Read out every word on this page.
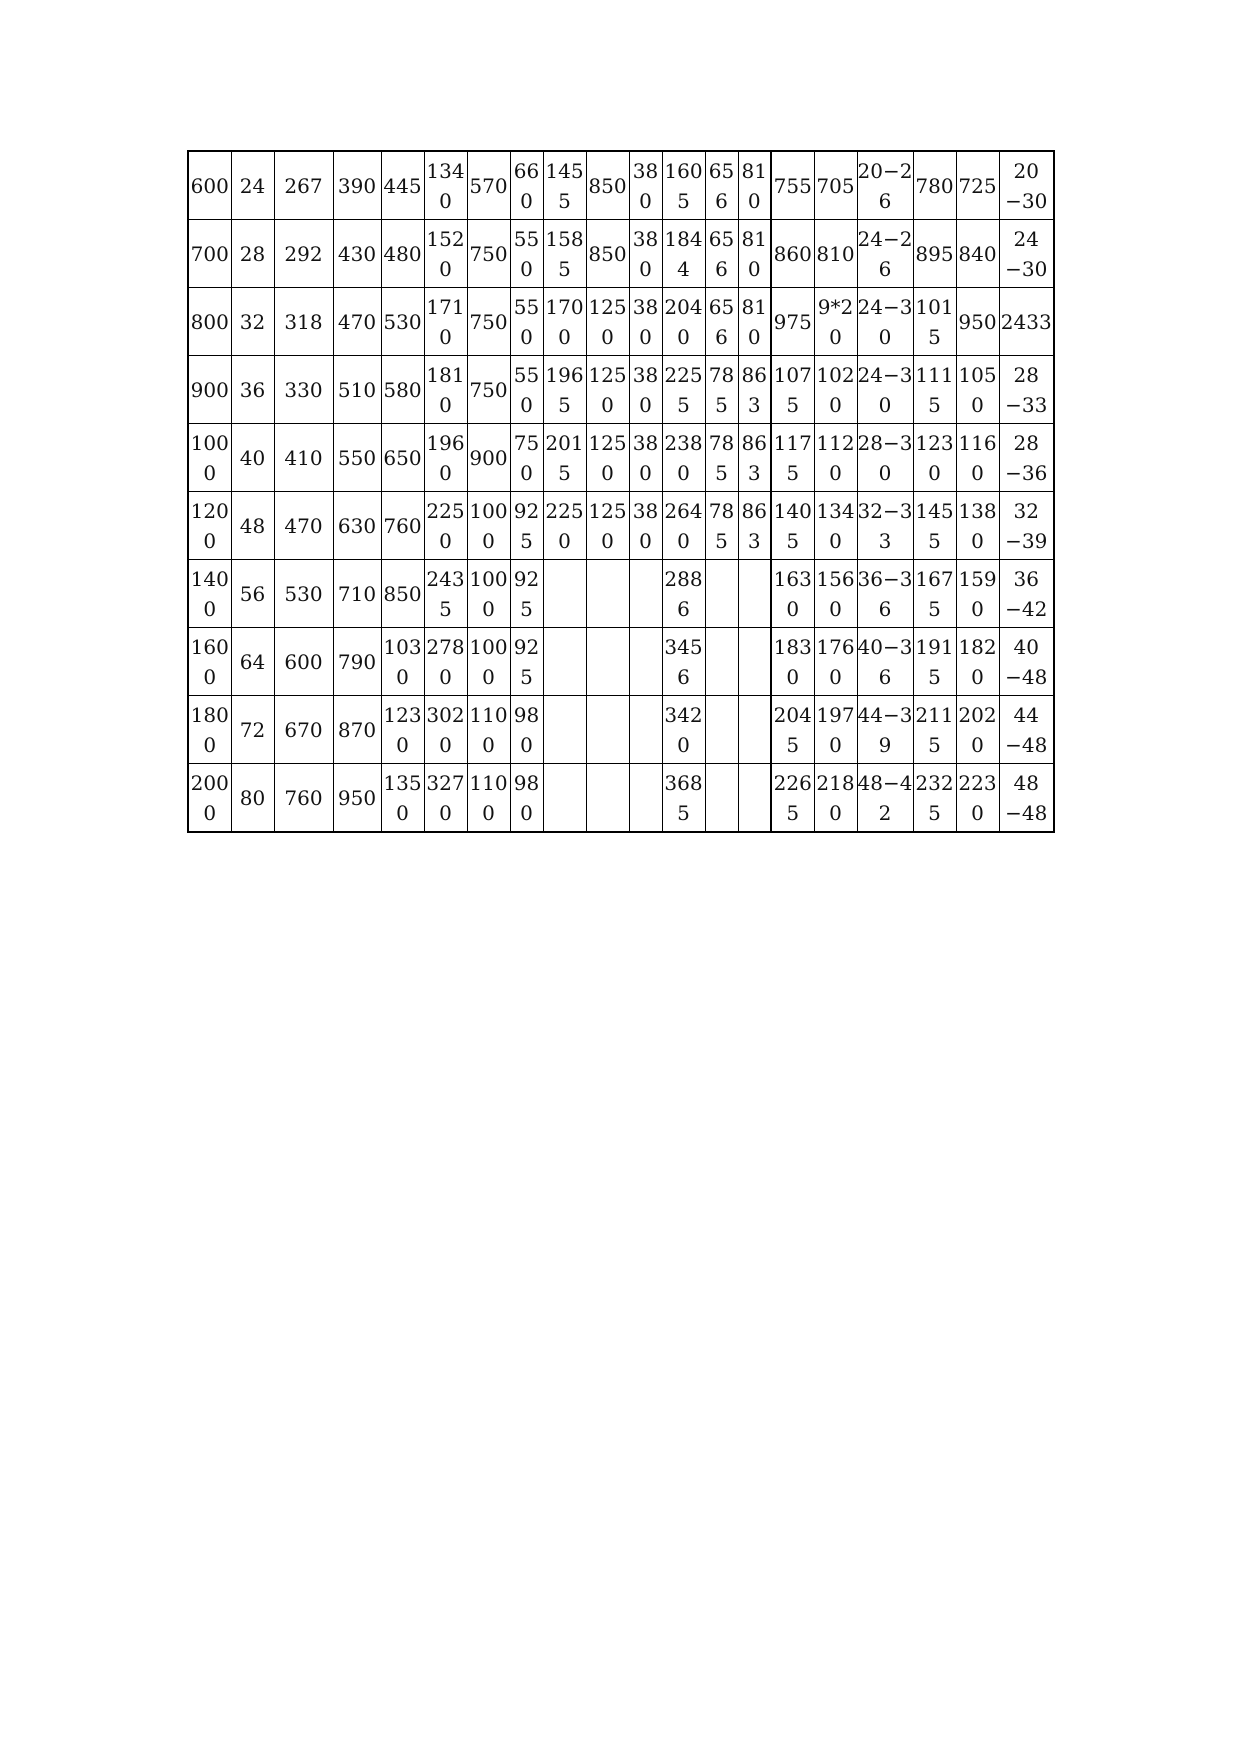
600	24	267	390	445	1340	570	660	1455	850	380	1605	656	810	755	705	20−26	780	725	20−30
700	28	292	430	480	1520	750	550	1585	850	380	1844	656	810	860	810	24−26	895	840	24−30
800	32	318	470	530	1710	750	550	1700	1250	380	2040	656	810	975	9*20	24−30	1015	950	2433
900	36	330	510	580	1810	750	550	1965	1250	380	2255	785	863	1075	1020	24−30	1115	1050	28−33
1000	40	410	550	650	1960	900	750	2015	1250	380	2380	785	863	1175	1120	28−30	1230	1160	28−36
1200	48	470	630	760	2250	1000	925	2250	1250	380	2640	785	863	1405	1340	32−33	1455	1380	32−39
1400	56	530	710	850	2435	1000	925				2886			1630	1560	36−36	1675	1590	36−42
1600	64	600	790	1030	2780	1000	925				3456			1830	1760	40−36	1915	1820	40−48
1800	72	670	870	1230	3020	1100	980				3420			2045	1970	44−39	2115	2020	44−48
2000	80	760	950	1350	3270	1100	980				3685			2265	2180	48−42	2325	2230	48−48
